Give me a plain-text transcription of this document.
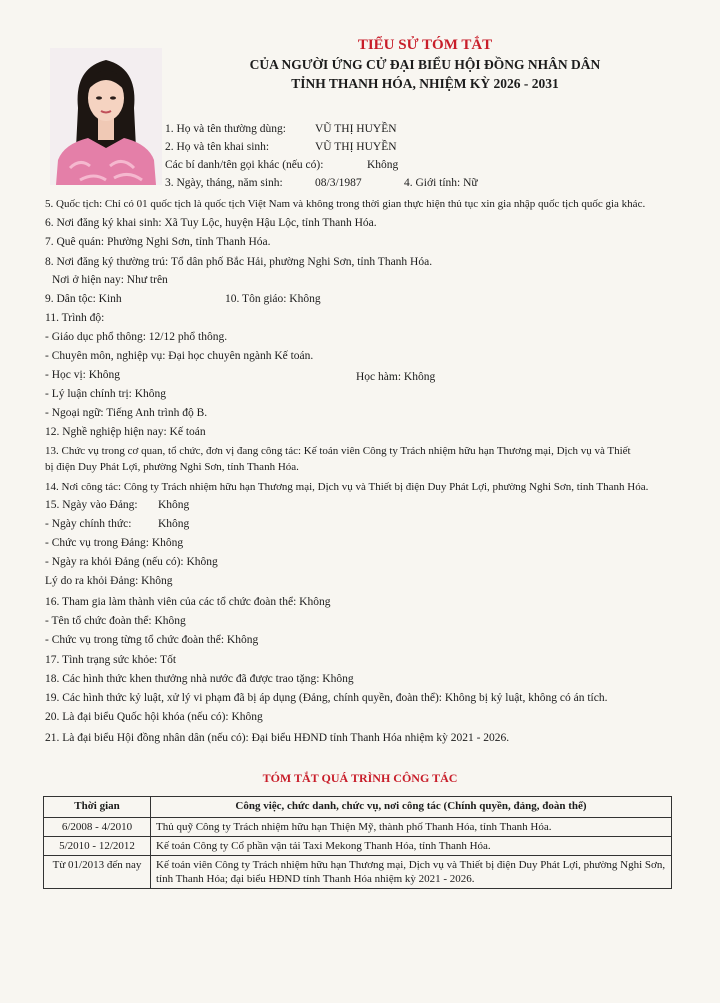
TIỂU SỬ TÓM TẮT
CỦA NGƯỜI ỨNG CỬ ĐẠI BIỂU HỘI ĐỒNG NHÂN DÂN
TỈNH THANH HÓA, NHIỆM KỲ 2026 - 2031
1. Họ và tên thường dùng:	VŨ THỊ HUYỀN
2. Họ và tên khai sinh:	VŨ THỊ HUYỀN
Các bí danh/tên gọi khác (nếu có):	Không
3. Ngày, tháng, năm sinh:	08/3/1987	4. Giới tính: Nữ
5. Quốc tịch: Chỉ có 01 quốc tịch là quốc tịch Việt Nam và không trong thời gian thực hiện thủ tục xin gia nhập quốc tịch quốc gia khác.
6. Nơi đăng ký khai sinh: Xã Tuy Lộc, huyện Hậu Lộc, tỉnh Thanh Hóa.
7. Quê quán: Phường Nghi Sơn, tỉnh Thanh Hóa.
8. Nơi đăng ký thường trú: Tổ dân phố Bắc Hải, phường Nghi Sơn, tỉnh Thanh Hóa.
Nơi ở hiện nay: Như trên
9. Dân tộc: Kinh	10. Tôn giáo: Không
11. Trình độ:
- Giáo dục phổ thông: 12/12 phổ thông.
- Chuyên môn, nghiệp vụ: Đại học chuyên ngành Kế toán.
- Học vị: Không	Học hàm: Không
- Lý luận chính trị: Không
- Ngoại ngữ: Tiếng Anh trình độ B.
12. Nghề nghiệp hiện nay: Kế toán
13. Chức vụ trong cơ quan, tổ chức, đơn vị đang công tác: Kế toán viên Công ty Trách nhiệm hữu hạn Thương mại, Dịch vụ và Thiết
bị điện Duy Phát Lợi, phường Nghi Sơn, tỉnh Thanh Hóa.
14. Nơi công tác: Công ty Trách nhiệm hữu hạn Thương mại, Dịch vụ và Thiết bị điện Duy Phát Lợi, phường Nghi Sơn, tỉnh Thanh Hóa.
15. Ngày vào Đảng: Không
- Ngày chính thức: Không
- Chức vụ trong Đảng: Không
- Ngày ra khỏi Đảng (nếu có): Không
Lý do ra khỏi Đảng: Không
16. Tham gia làm thành viên của các tổ chức đoàn thể: Không
- Tên tổ chức đoàn thể: Không
- Chức vụ trong từng tổ chức đoàn thể: Không
17. Tình trạng sức khỏe: Tốt
18. Các hình thức khen thưởng nhà nước đã được trao tặng: Không
19. Các hình thức kỷ luật, xử lý vi phạm đã bị áp dụng (Đảng, chính quyền, đoàn thể): Không bị kỷ luật, không có án tích.
20. Là đại biểu Quốc hội khóa (nếu có): Không
21. Là đại biểu Hội đồng nhân dân (nếu có): Đại biểu HĐND tỉnh Thanh Hóa nhiệm kỳ 2021 - 2026.
TÓM TẮT QUÁ TRÌNH CÔNG TÁC
Thời gian	Công việc, chức danh, chức vụ, nơi công tác (Chính quyền, đảng, đoàn thể)
6/2008 - 4/2010	Thủ quỹ Công ty Trách nhiệm hữu hạn Thiện Mỹ, thành phố Thanh Hóa, tỉnh Thanh Hóa.
5/2010 - 12/2012	Kế toán Công ty Cổ phần vận tải Taxi Mekong Thanh Hóa, tỉnh Thanh Hóa.
Từ 01/2013 đến nay	Kế toán viên Công ty Trách nhiệm hữu hạn Thương mại, Dịch vụ và Thiết bị điện Duy Phát Lợi, phường Nghi Sơn, tỉnh Thanh Hóa; đại biểu HĐND tỉnh Thanh Hóa nhiệm kỳ 2021 - 2026.
